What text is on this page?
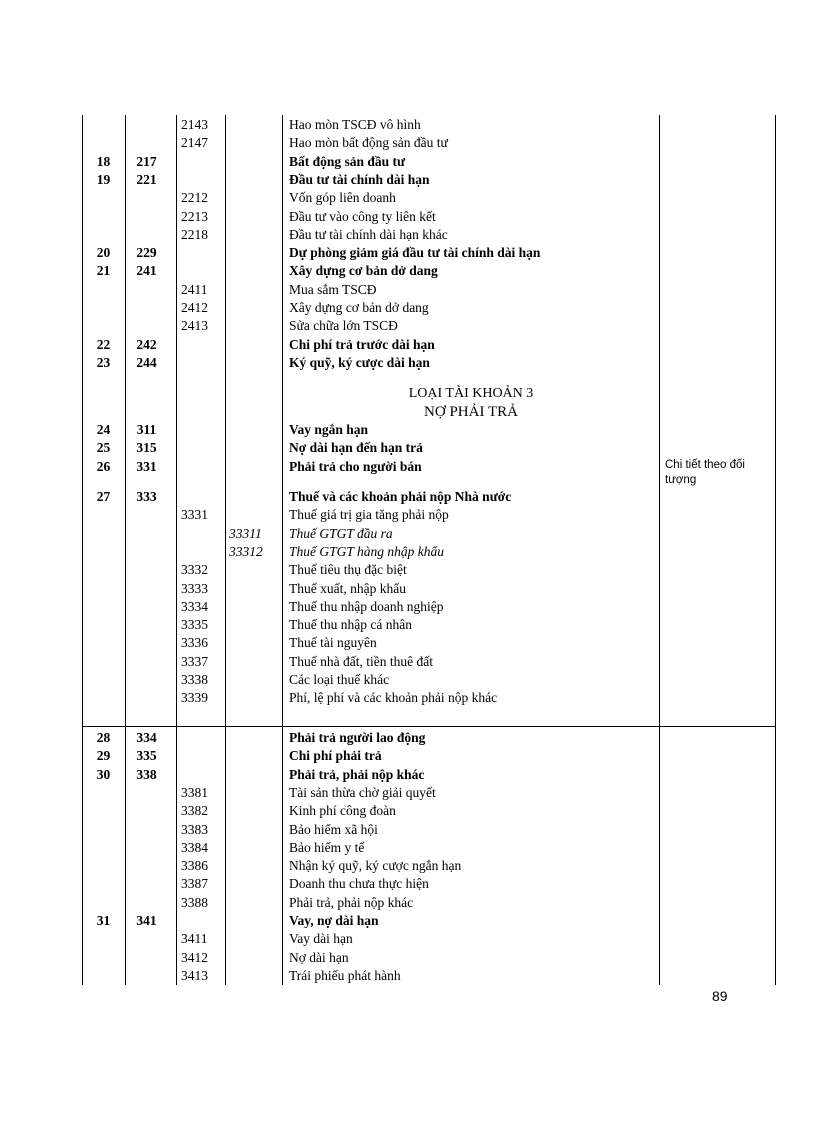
2143	Hao mòn TSCĐ vô hình
2147	Hao mòn bất động sản đầu tư
18	217	Bất động sản đầu tư
19	221	Đầu tư tài chính dài hạn
2212	Vốn góp liên doanh
2213	Đầu tư vào công ty liên kết
2218	Đầu tư tài chính dài hạn khác
20	229	Dự phòng giảm giá đầu tư tài chính dài hạn
21	241	Xây dựng cơ bản dở dang
2411	Mua sắm TSCĐ
2412	Xây dựng cơ bản dở dang
2413	Sửa chữa lớn TSCĐ
22	242	Chi phí trả trước dài hạn
23	244	Ký quỹ, ký cược dài hạn
LOẠI TÀI KHOẢN 3
NỢ PHẢI TRẢ
24	311	Vay ngắn hạn
25	315	Nợ dài hạn đến hạn trả
26	331	Phải trả cho người bán	Chi tiết theo đối tượng
27	333	Thuế và các khoản phải nộp Nhà nước
3331	Thuế giá trị gia tăng phải nộp
33311 Thuế GTGT đầu ra
33312 Thuế GTGT hàng nhập khẩu
3332	Thuế tiêu thụ đặc biệt
3333	Thuế xuất, nhập khẩu
3334	Thuế thu nhập doanh nghiệp
3335	Thuế thu nhập cá nhân
3336	Thuế tài nguyên
3337	Thuế nhà đất, tiền thuê đất
3338	Các loại thuế khác
3339	Phí, lệ phí và các khoản phải nộp khác
28	334	Phải trả người lao động
29	335	Chi phí phải trả
30	338	Phải trả, phải nộp khác
3381	Tài sản thừa chờ giải quyết
3382	Kinh phí công đoàn
3383	Bảo hiểm xã hội
3384	Bảo hiểm y tế
3386	Nhận ký quỹ, ký cược ngắn hạn
3387	Doanh thu chưa thực hiện
3388	Phải trả, phải nộp khác
31	341	Vay, nợ dài hạn
3411	Vay dài hạn
3412	Nợ dài hạn
3413	Trái phiếu phát hành
89
